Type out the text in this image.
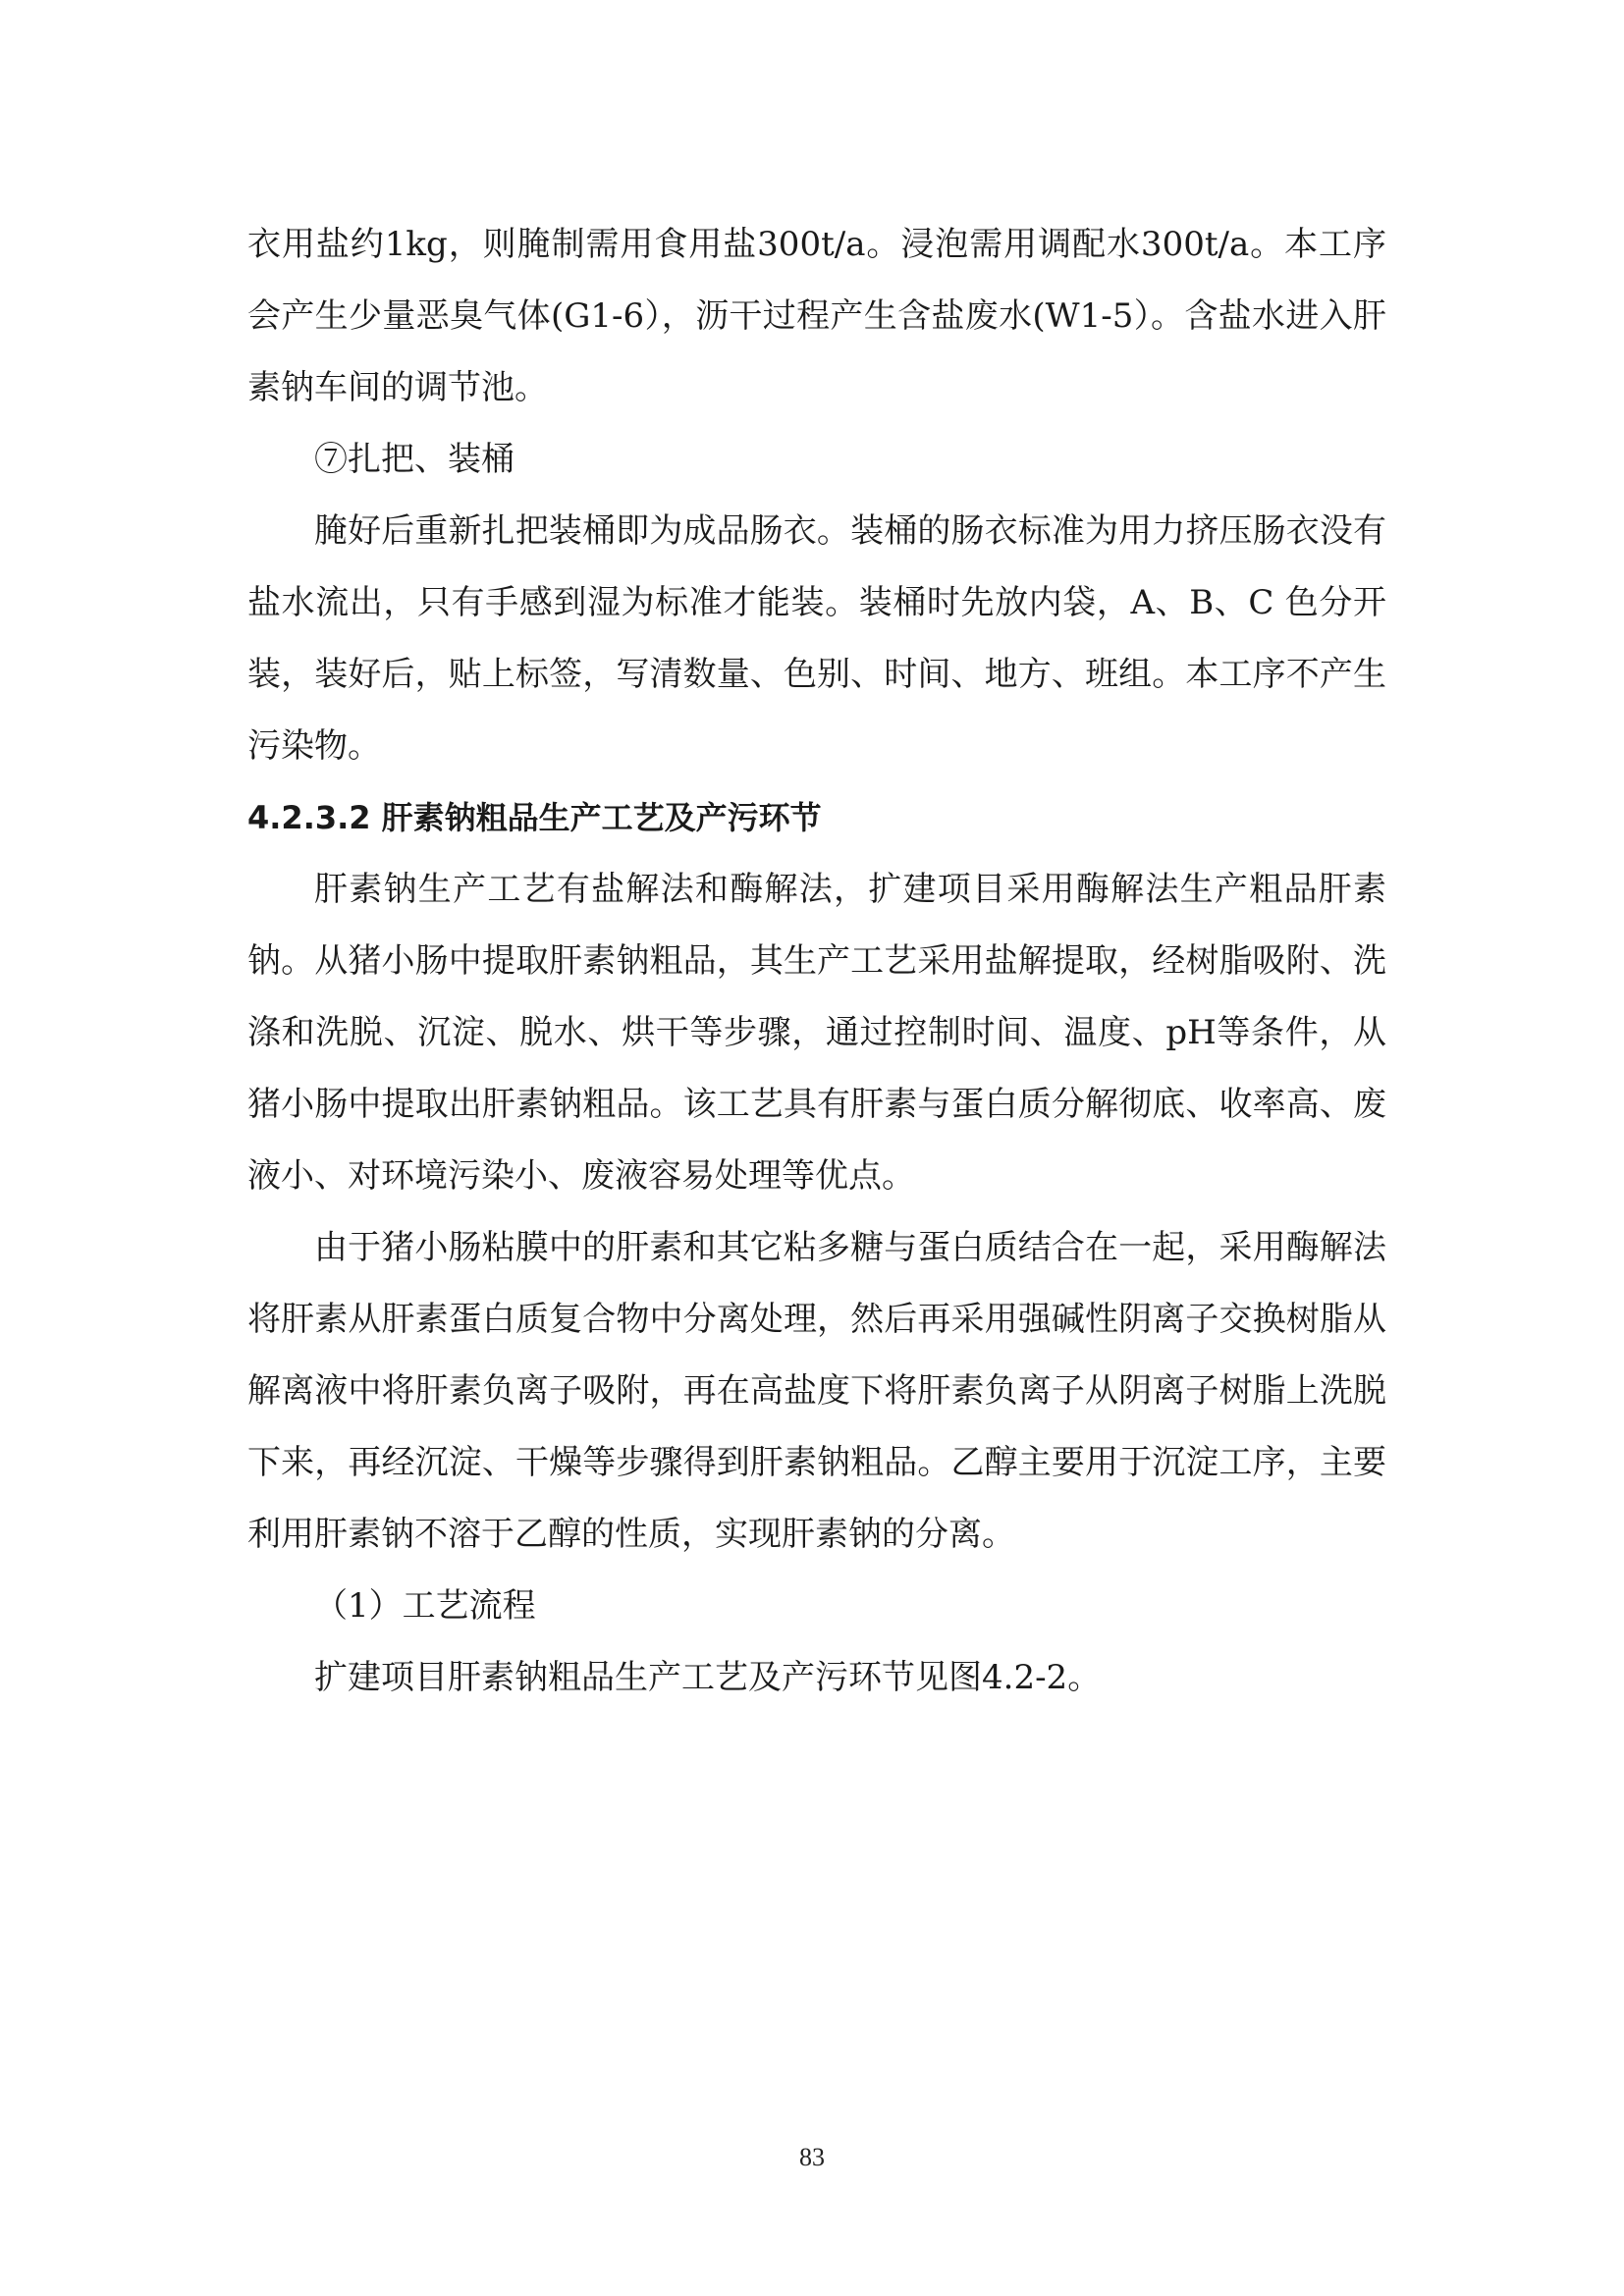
衣用盐约1kg，则腌制需用食用盐300t/a。浸泡需用调配水300t/a。本工序会产生少量恶臭气体(G1-6），沥干过程产生含盐废水(W1-5）。含盐水进入肝素钠车间的调节池。

⑦扎把、装桶

腌好后重新扎把装桶即为成品肠衣。装桶的肠衣标准为用力挤压肠衣没有盐水流出，只有手感到湿为标准才能装。装桶时先放内袋，A、B、C 色分开装，装好后，贴上标签，写清数量、色别、时间、地方、班组。本工序不产生污染物。

4.2.3.2 肝素钠粗品生产工艺及产污环节

肝素钠生产工艺有盐解法和酶解法，扩建项目采用酶解法生产粗品肝素钠。从猪小肠中提取肝素钠粗品，其生产工艺采用盐解提取，经树脂吸附、洗涤和洗脱、沉淀、脱水、烘干等步骤，通过控制时间、温度、pH等条件，从猪小肠中提取出肝素钠粗品。该工艺具有肝素与蛋白质分解彻底、收率高、废液小、对环境污染小、废液容易处理等优点。

由于猪小肠粘膜中的肝素和其它粘多糖与蛋白质结合在一起，采用酶解法将肝素从肝素蛋白质复合物中分离处理，然后再采用强碱性阴离子交换树脂从解离液中将肝素负离子吸附，再在高盐度下将肝素负离子从阴离子树脂上洗脱下来，再经沉淀、干燥等步骤得到肝素钠粗品。乙醇主要用于沉淀工序，主要利用肝素钠不溶于乙醇的性质，实现肝素钠的分离。

（1）工艺流程

扩建项目肝素钠粗品生产工艺及产污环节见图4.2-2。

83
